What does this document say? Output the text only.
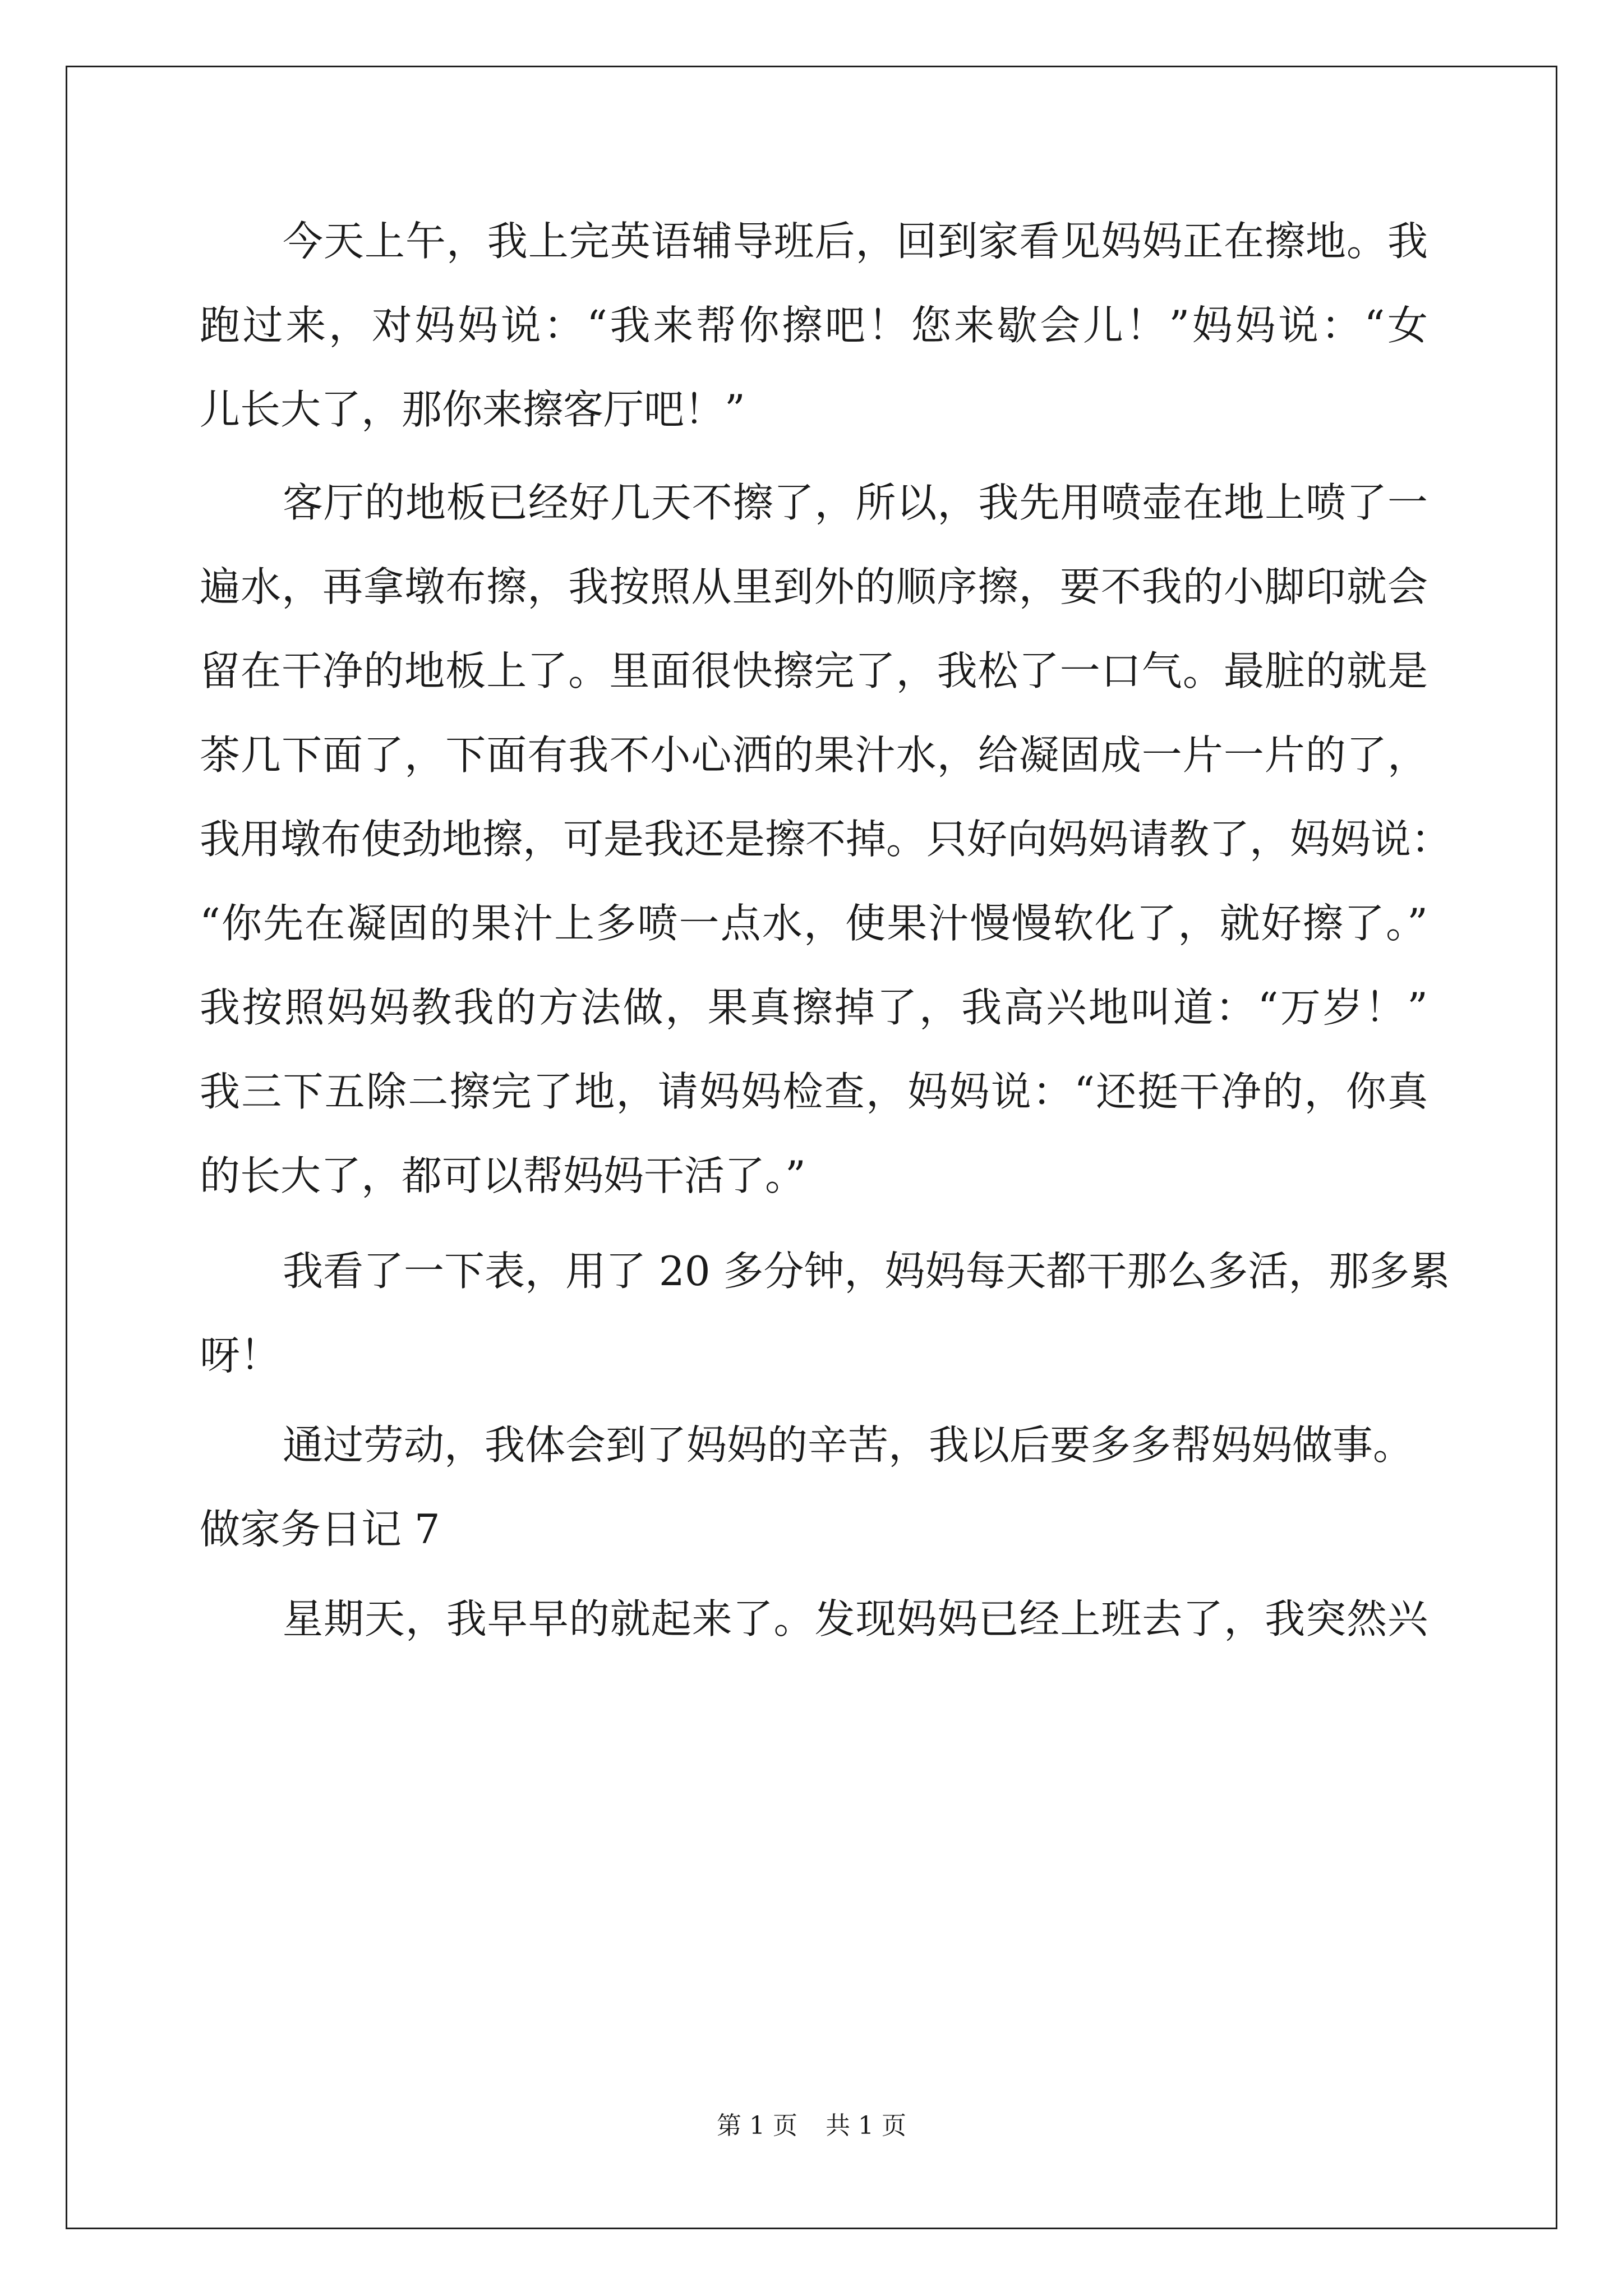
今天上午，我上完英语辅导班后，回到家看见妈妈正在擦地。我
跑过来，对妈妈说：“我来帮你擦吧！您来歇会儿！”妈妈说：“女
儿长大了，那你来擦客厅吧！”
客厅的地板已经好几天不擦了，所以，我先用喷壶在地上喷了一
遍水，再拿墩布擦，我按照从里到外的顺序擦，要不我的小脚印就会
留在干净的地板上了。里面很快擦完了，我松了一口气。最脏的就是
茶几下面了，下面有我不小心洒的果汁水，给凝固成一片一片的了，
我用墩布使劲地擦，可是我还是擦不掉。只好向妈妈请教了，妈妈说：
“你先在凝固的果汁上多喷一点水，使果汁慢慢软化了，就好擦了。”
我按照妈妈教我的方法做，果真擦掉了，我高兴地叫道：“万岁！”
我三下五除二擦完了地，请妈妈检查，妈妈说：“还挺干净的，你真
的长大了，都可以帮妈妈干活了。”
我看了一下表，用了 20 多分钟，妈妈每天都干那么多活，那多累
呀！
通过劳动，我体会到了妈妈的辛苦，我以后要多多帮妈妈做事。
做家务日记 7
星期天，我早早的就起来了。发现妈妈已经上班去了，我突然兴
第 1 页 共 1 页
